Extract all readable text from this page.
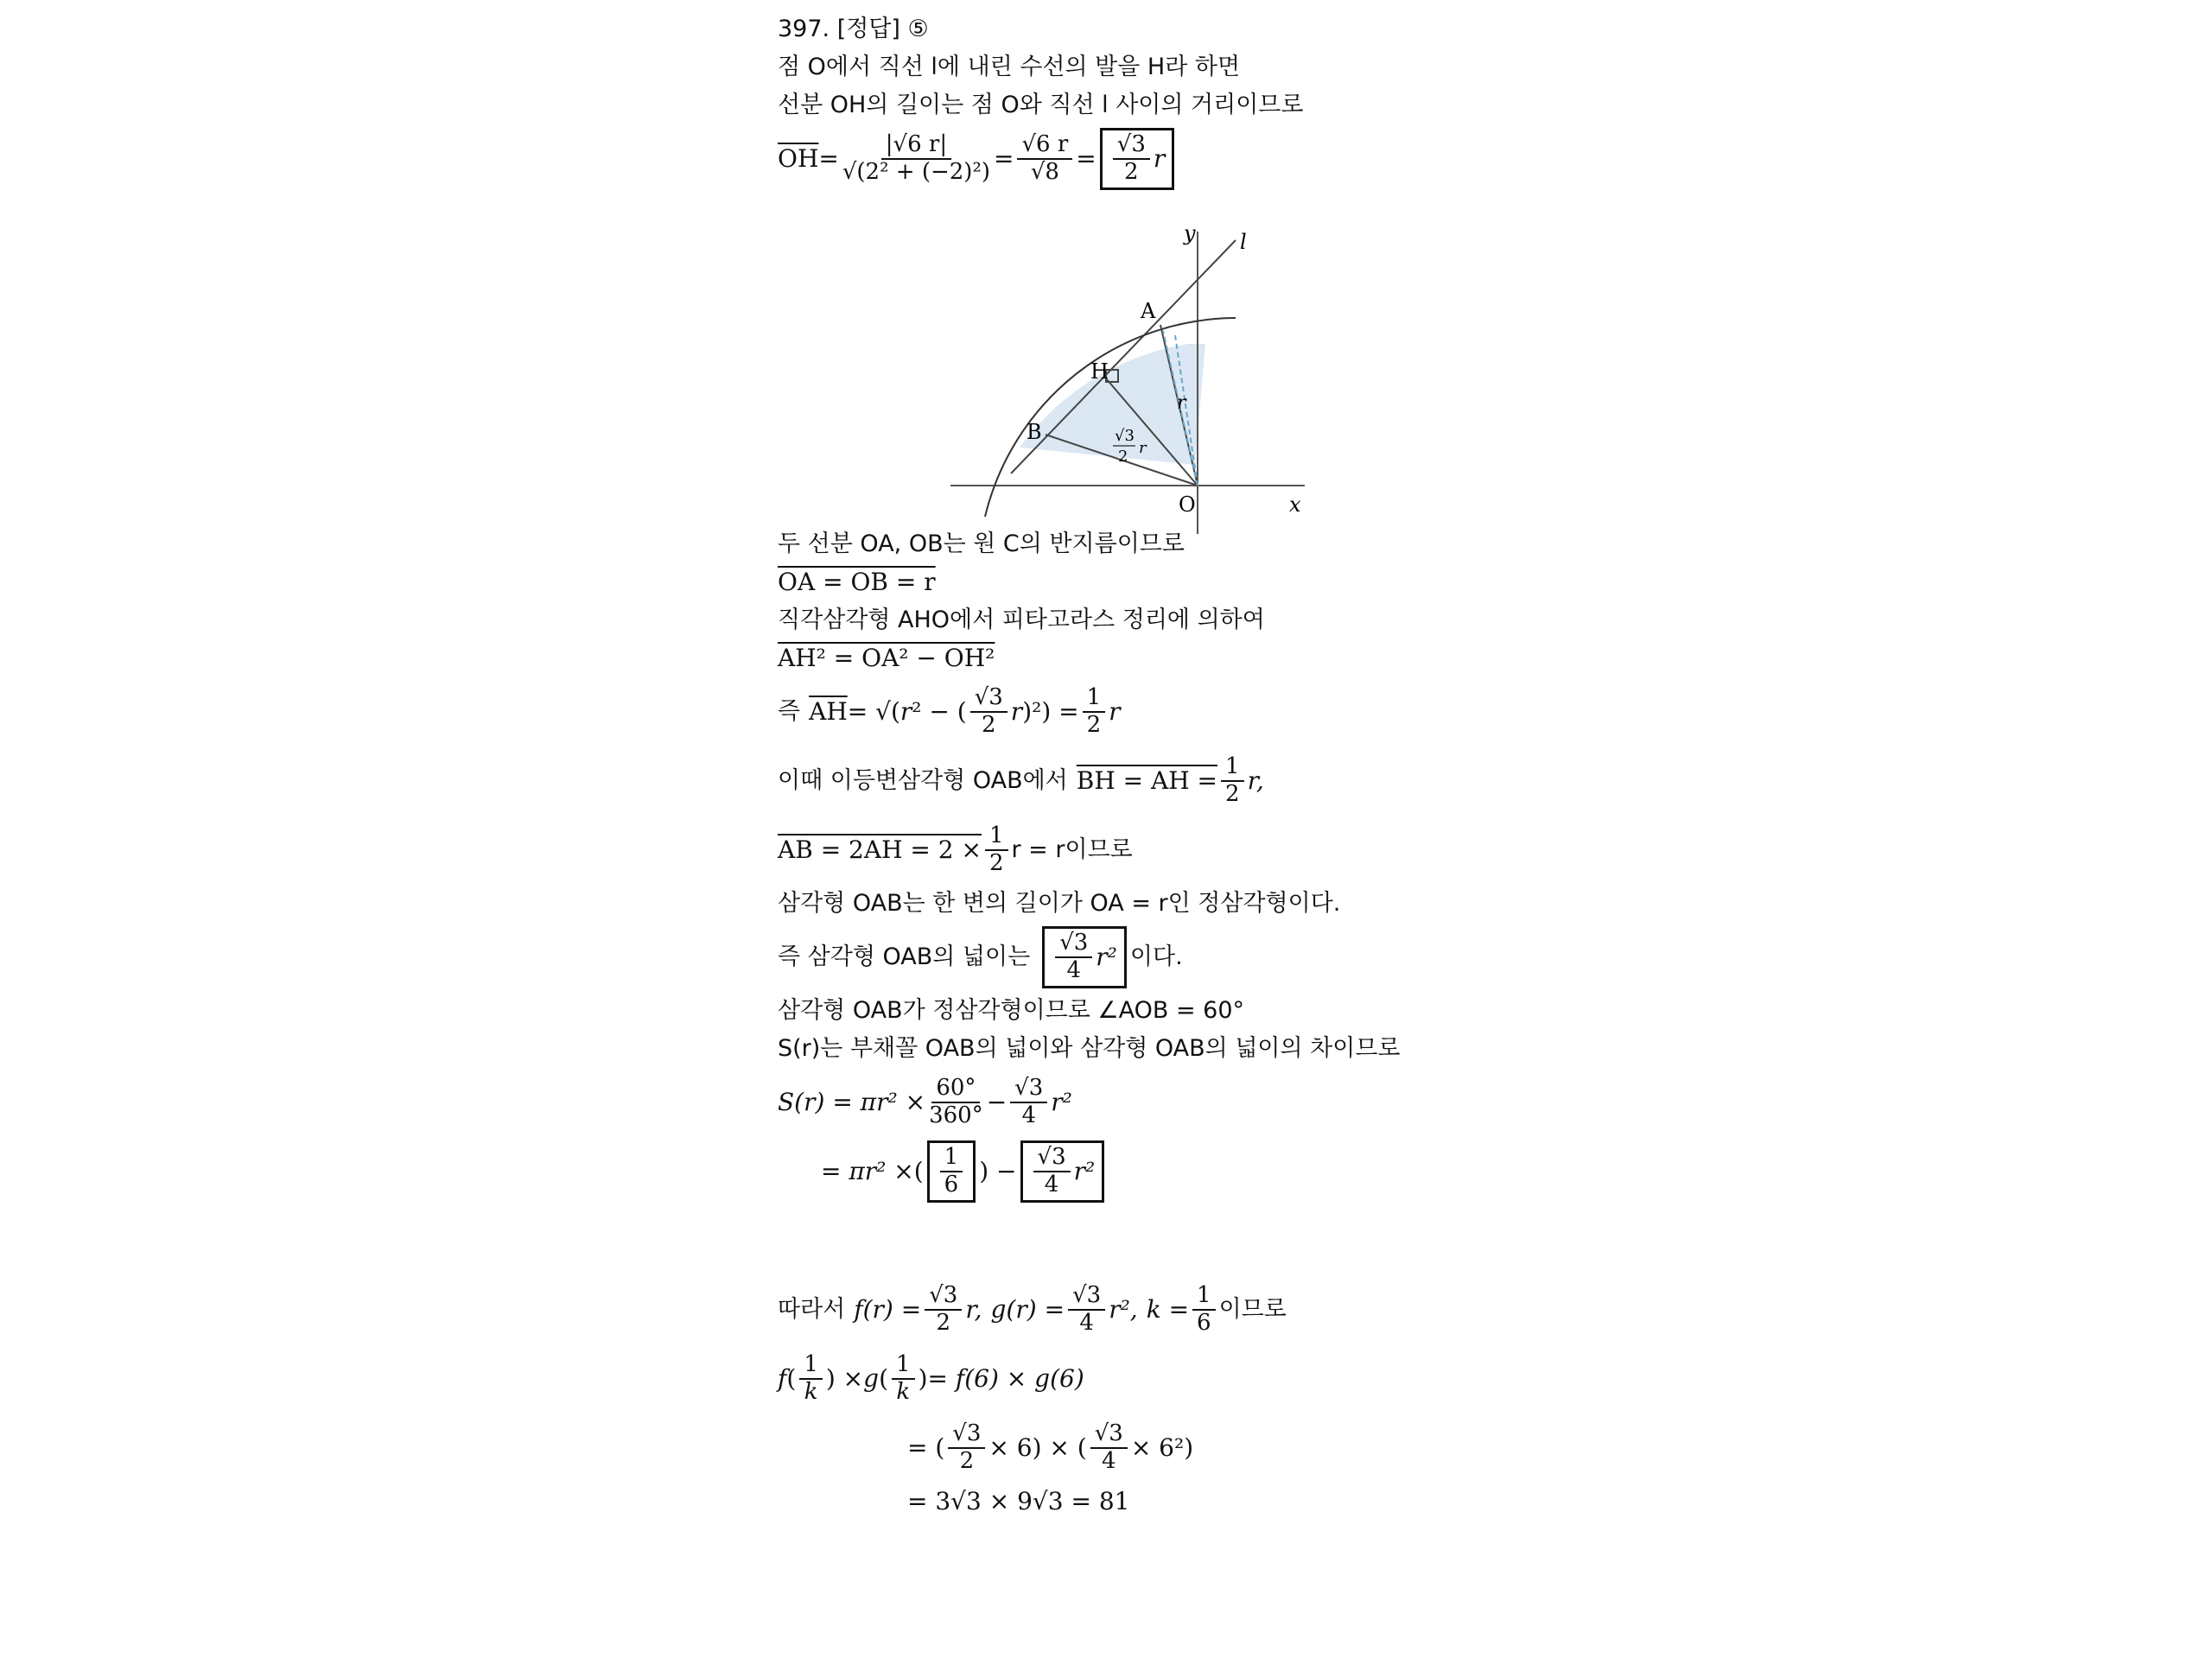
397. [정답] ⑤
점 O에서 직선 l에 내린 수선의 발을 H라 하면
선분 OH의 길이는 점 O와 직선 l 사이의 거리이므로
$\overline{OH} = \frac{|√6 r|}{\text{√(2² + (−2)²)}} = \frac{√6 r}{√8} = \frac{√3}{2}$ r
두 선분 OA, OB는 원 C의 반지름이므로
OA = OB = r
직각삼각형 AHO에서 피타고라스 정리에 의하여
AH² = OA² − OH²
즉 $\overline{AH}$ = √( r ² − ( $\frac{√3}{2}$ r )$^2) = \frac{1}{2}$ r
이때 이등변삼각형 OAB에서 BH = AH = $\frac{1}{2} r$,
AB = $2AH = 2 \times \frac{1}{2}$ r = r이므로
삼각형 OAB는 한 변의 길이가 OA = r인 정삼각형이다.
즉 삼각형 OAB의 넓이는 $\frac{√3}{4} r^2$ 이다.
삼각형 OAB가 정삼각형이므로 ∠AOB = 60°
S(r)는 부채꼴 OAB의 넓이와 삼각형 OAB의 넓이의 차이므로
$S(r) = \pi r^2 \times \frac{60^\circ}{360^\circ} - \frac{√3}{4} r^2$
= πr² × ( $\frac{1}{6}$ ) − $\frac{√3}{4} r^2$
따라서 $f(r) = \frac{√3}{2} r$, $g(r) = \frac{√3}{4} r^2$, $k = \frac{1}{6}$ 이므로
f ( $\frac{1}{k}$ ) × g ( $\frac{1}{k}$ ) = f(6) × g(6)
= ( $\frac{√3}{2} \times 6$) × ( $\frac{√3}{4} \times 6^2$)
= 3√3 × 9√3 = 81
y l
A
H
B
r
O	x
√3
2 r
